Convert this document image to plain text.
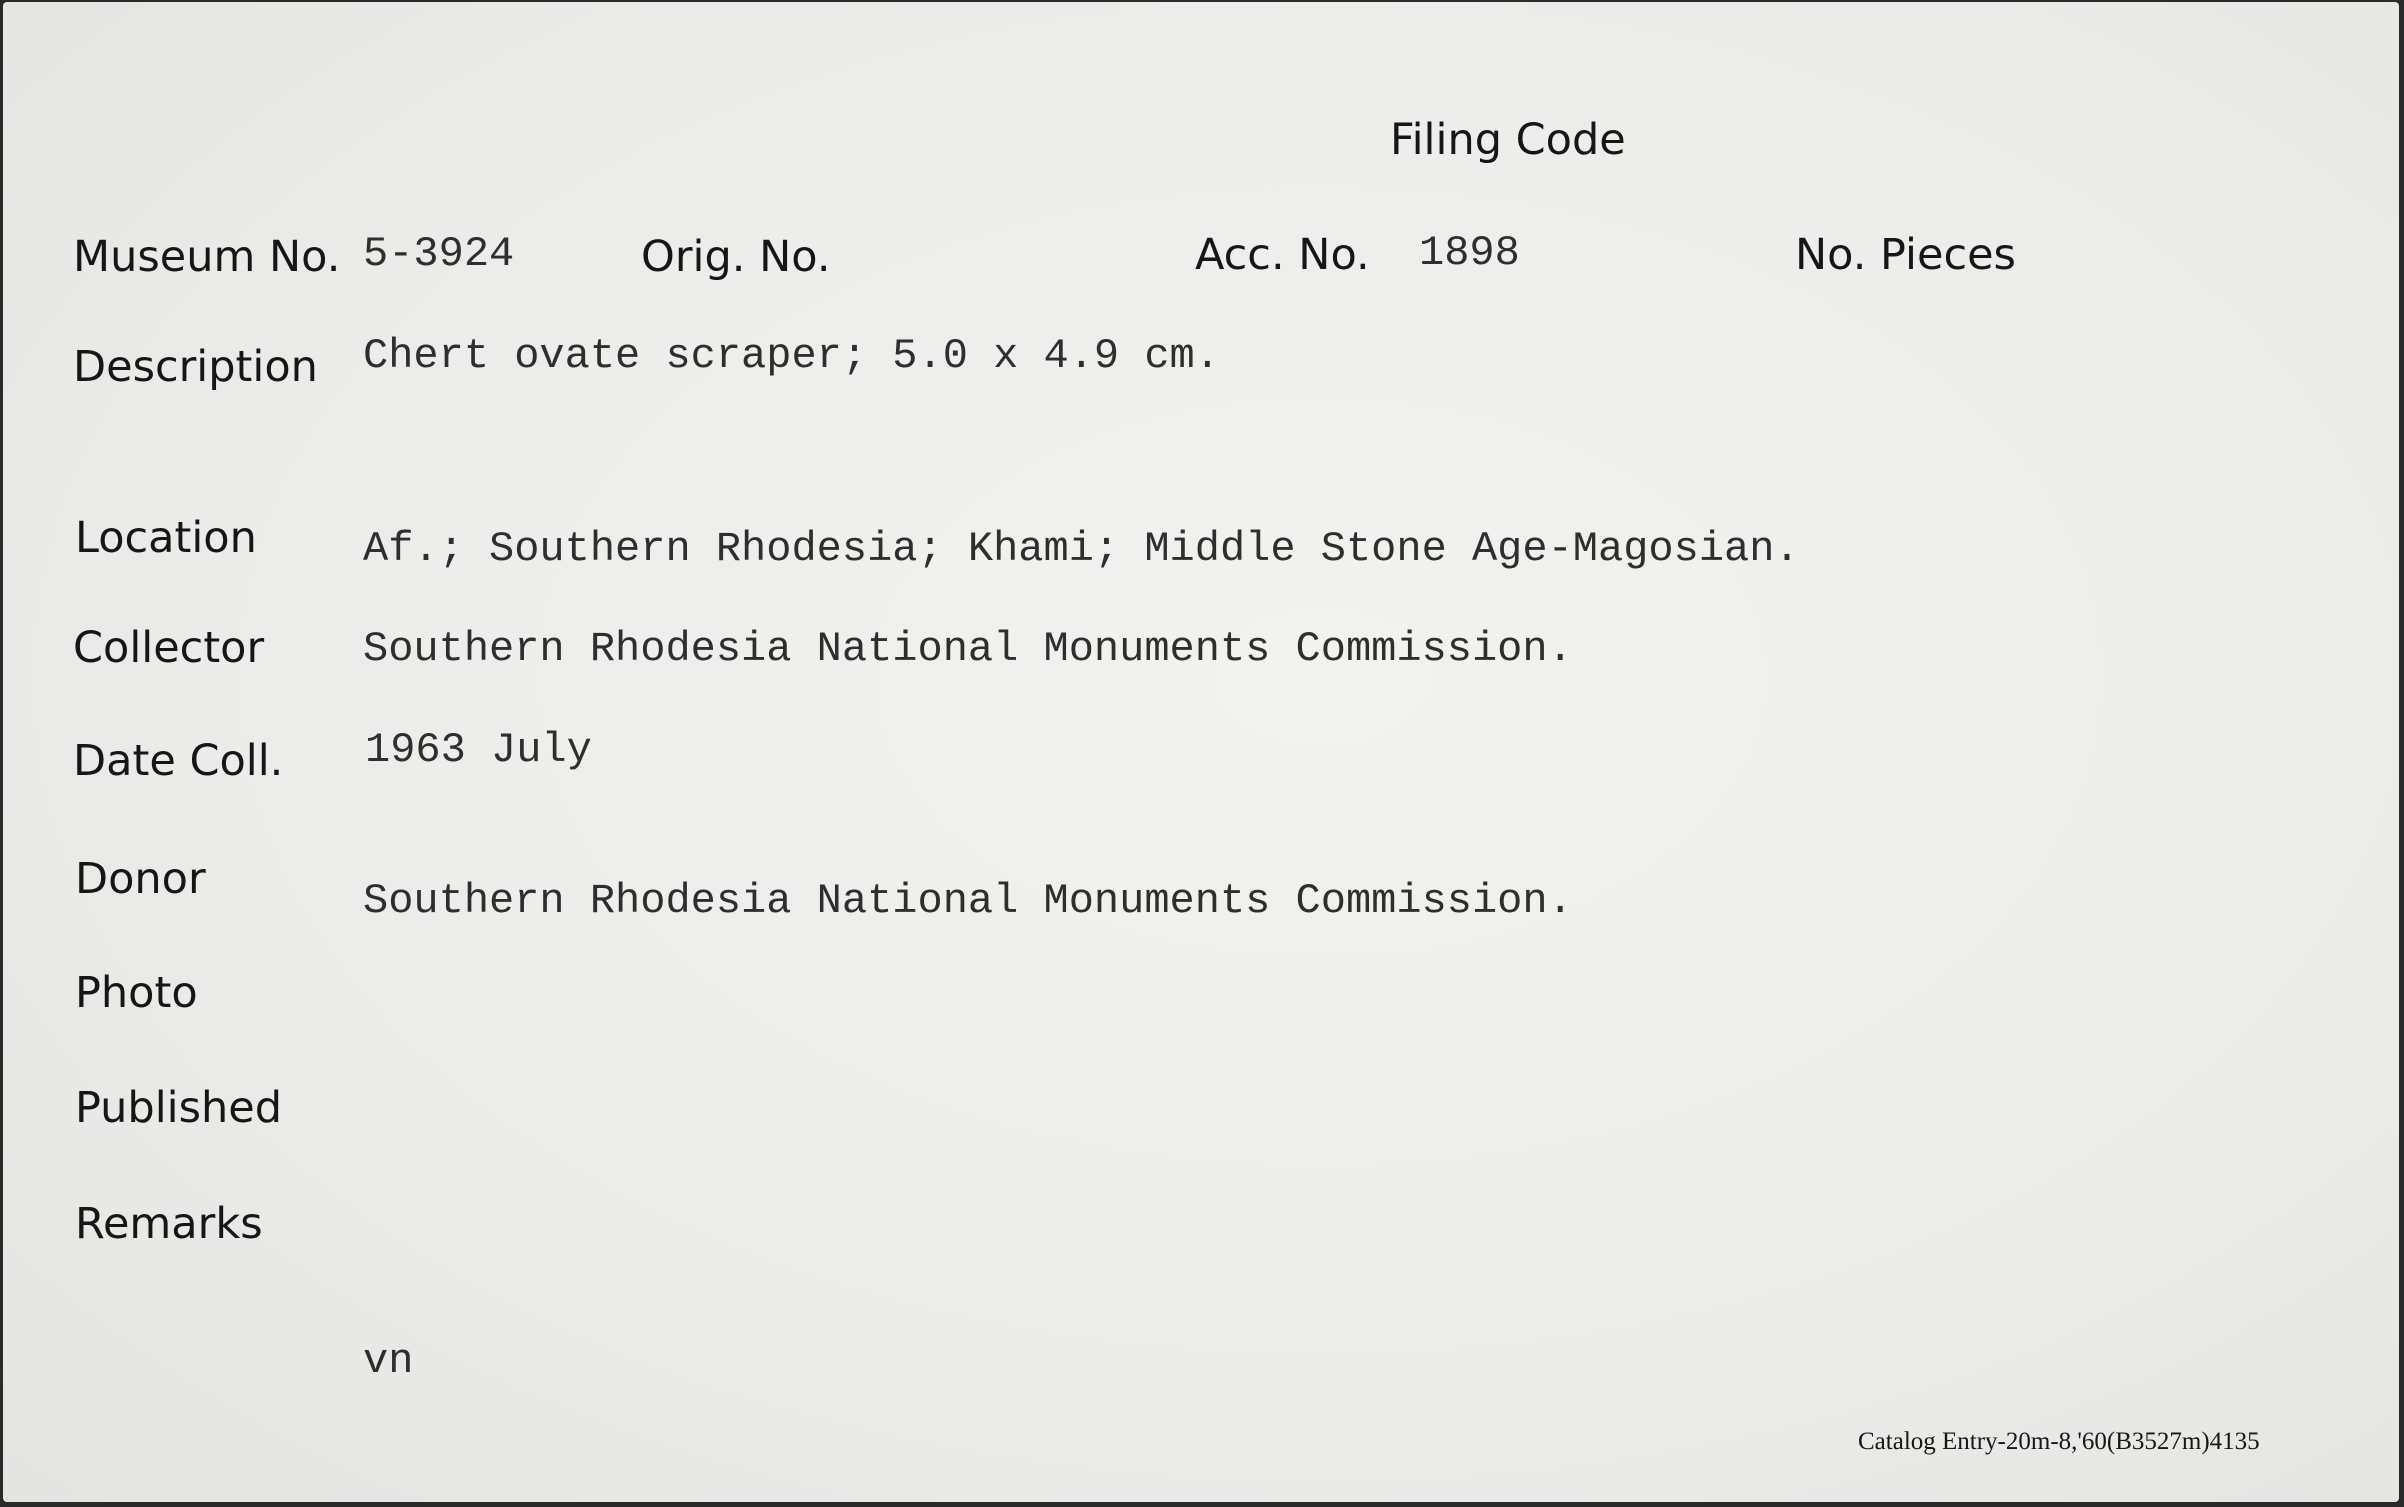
Filing Code
Museum No. 5-3924	Orig. No.	Acc. No. 1898	No. Pieces
Description Chert ovate scraper; 5.0 x 4.9 cm.
Location	Af.; Southern Rhodesia; Khami; Middle Stone Age-Magosian.
Collector Southern Rhodesia National Monuments Commission.
Date Coll. 1963 July
Donor	Southern Rhodesia National Monuments Commission.
Photo
Published
Remarks
vn
Catalog Entry-20m-8,'60(B3527m)4135
